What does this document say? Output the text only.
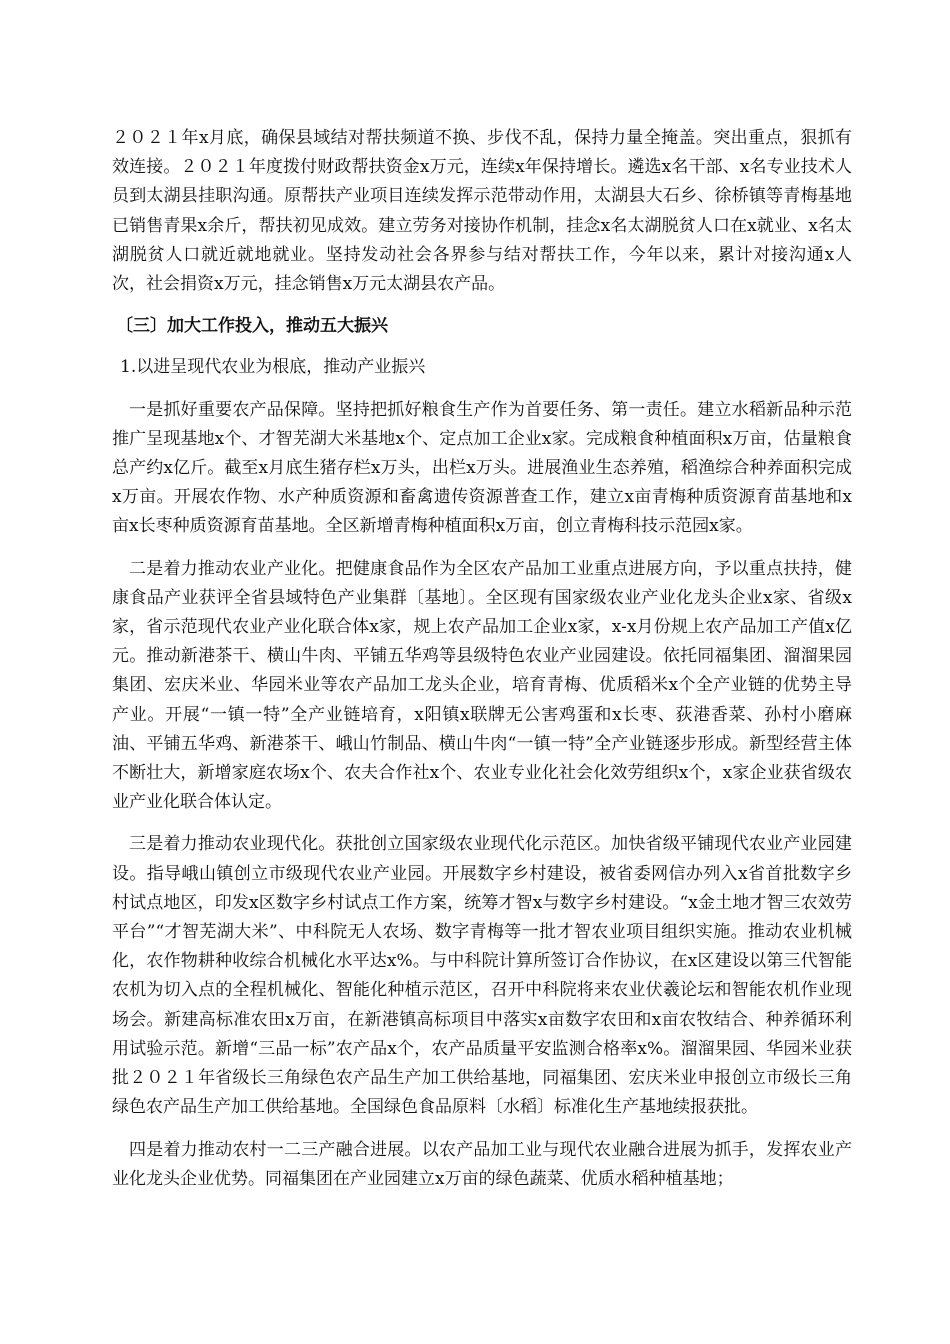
２０２１年x月底，确保县域结对帮扶频道不换、步伐不乱，保持力量全掩盖。突出重点，狠抓有效连接。２０２１年度拨付财政帮扶资金x万元，连续x年保持增长。遴选x名干部、x名专业技术人员到太湖县挂职沟通。原帮扶产业项目连续发挥示范带动作用，太湖县大石乡、徐桥镇等青梅基地已销售青果x余斤，帮扶初见成效。建立劳务对接协作机制，挂念x名太湖脱贫人口在x就业、x名太湖脱贫人口就近就地就业。坚持发动社会各界参与结对帮扶工作，今年以来，累计对接沟通x人次，社会捐资x万元，挂念销售x万元太湖县农产品。

〔三〕加大工作投入，推动五大振兴

1.以进呈现代农业为根底，推动产业振兴

一是抓好重要农产品保障。坚持把抓好粮食生产作为首要任务、第一责任。建立水稻新品种示范推广呈现基地x个、才智芜湖大米基地x个、定点加工企业x家。完成粮食种植面积x万亩，估量粮食总产约x亿斤。截至x月底生猪存栏x万头，出栏x万头。进展渔业生态养殖，稻渔综合种养面积完成x万亩。开展农作物、水产种质资源和畜禽遗传资源普查工作，建立x亩青梅种质资源育苗基地和x亩x长枣种质资源育苗基地。全区新增青梅种植面积x万亩，创立青梅科技示范园x家。

二是着力推动农业产业化。把健康食品作为全区农产品加工业重点进展方向，予以重点扶持，健康食品产业获评全省县域特色产业集群〔基地〕。全区现有国家级农业产业化龙头企业x家、省级x家，省示范现代农业产业化联合体x家，规上农产品加工企业x家，x-x月份规上农产品加工产值x亿元。推动新港茶干、横山牛肉、平铺五华鸡等县级特色农业产业园建设。依托同福集团、溜溜果园集团、宏庆米业、华园米业等农产品加工龙头企业，培育青梅、优质稻米x个全产业链的优势主导产业。开展“一镇一特”全产业链培育，x阳镇x联牌无公害鸡蛋和x长枣、荻港香菜、孙村小磨麻油、平铺五华鸡、新港茶干、峨山竹制品、横山牛肉“一镇一特”全产业链逐步形成。新型经营主体不断壮大，新增家庭农场x个、农夫合作社x个、农业专业化社会化效劳组织x个，x家企业获省级农业产业化联合体认定。

三是着力推动农业现代化。获批创立国家级农业现代化示范区。加快省级平铺现代农业产业园建设。指导峨山镇创立市级现代农业产业园。开展数字乡村建设，被省委网信办列入x省首批数字乡村试点地区，印发x区数字乡村试点工作方案，统筹才智x与数字乡村建设。“x金土地才智三农效劳平台”“才智芜湖大米”、中科院无人农场、数字青梅等一批才智农业项目组织实施。推动农业机械化，农作物耕种收综合机械化水平达x%。与中科院计算所签订合作协议，在x区建设以第三代智能农机为切入点的全程机械化、智能化种植示范区，召开中科院将来农业伏羲论坛和智能农机作业现场会。新建高标准农田x万亩，在新港镇高标项目中落实x亩数字农田和x亩农牧结合、种养循环利用试验示范。新增“三品一标”农产品x个，农产品质量平安监测合格率x%。溜溜果园、华园米业获批２０２１年省级长三角绿色农产品生产加工供给基地，同福集团、宏庆米业申报创立市级长三角绿色农产品生产加工供给基地。全国绿色食品原料〔水稻〕标准化生产基地续报获批。

四是着力推动农村一二三产融合进展。以农产品加工业与现代农业融合进展为抓手，发挥农业产业化龙头企业优势。同福集团在产业园建立x万亩的绿色蔬菜、优质水稻种植基地；
